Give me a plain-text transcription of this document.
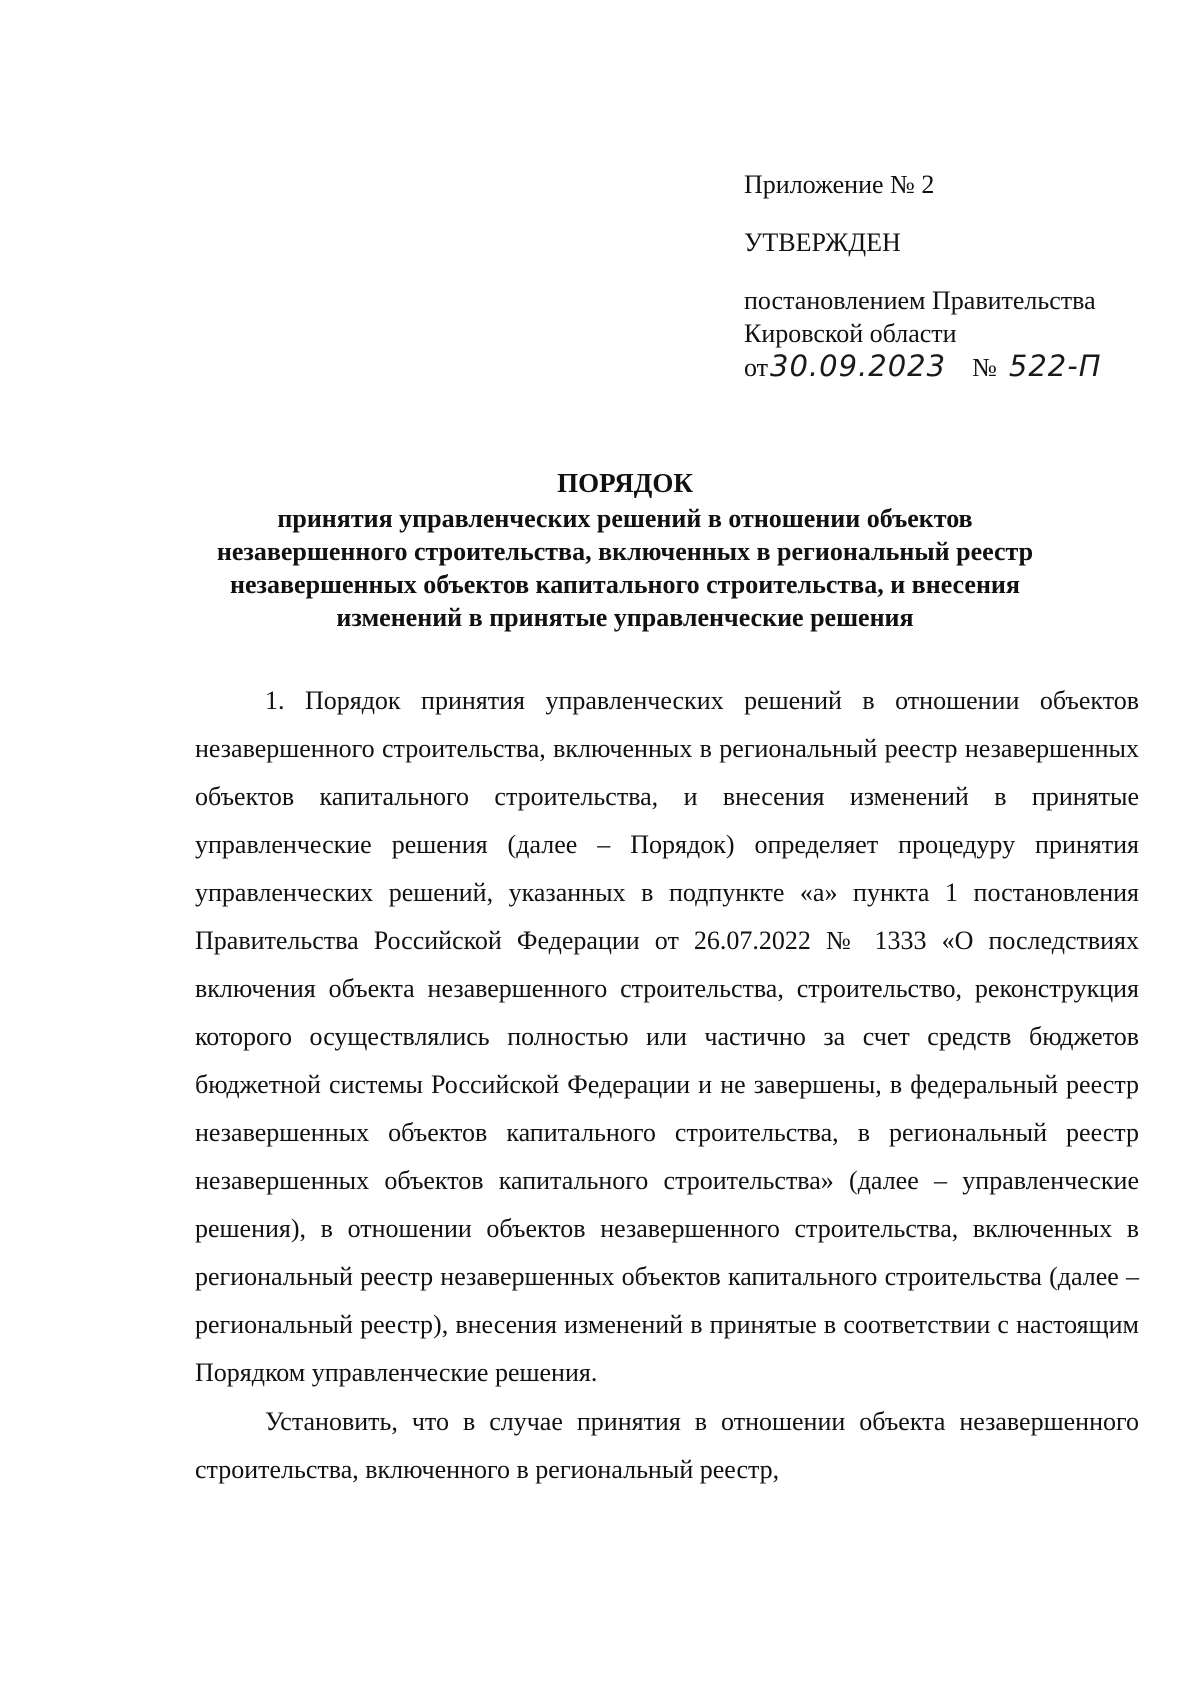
Приложение № 2
УТВЕРЖДЕН
постановлением Правительства
Кировской области
от 30.09.2023 № 522-П
ПОРЯДОК
принятия управленческих решений в отношении объектов
незавершенного строительства, включенных в региональный реестр
незавершенных объектов капитального строительства, и внесения
изменений в принятые управленческие решения

1. Порядок принятия управленческих решений в отношении объектов незавершенного строительства, включенных в региональный реестр незавершенных объектов капитального строительства, и внесения изменений в принятые управленческие решения (далее – Порядок) определяет процедуру принятия управленческих решений, указанных в подпункте «а» пункта 1 постановления Правительства Российской Федерации от 26.07.2022 № 1333 «О последствиях включения объекта незавершенного строительства, строительство, реконструкция которого осуществлялись полностью или частично за счет средств бюджетов бюджетной системы Российской Федерации и не завершены, в федеральный реестр незавершенных объектов капитального строительства, в региональный реестр незавершенных объектов капитального строительства» (далее – управленческие решения), в отношении объектов незавершенного строительства, включенных в региональный реестр незавершенных объектов капитального строительства (далее – региональный реестр), внесения изменений в принятые в соответствии с настоящим Порядком управленческие решения.

Установить, что в случае принятия в отношении объекта незавершенного строительства, включенного в региональный реестр,
